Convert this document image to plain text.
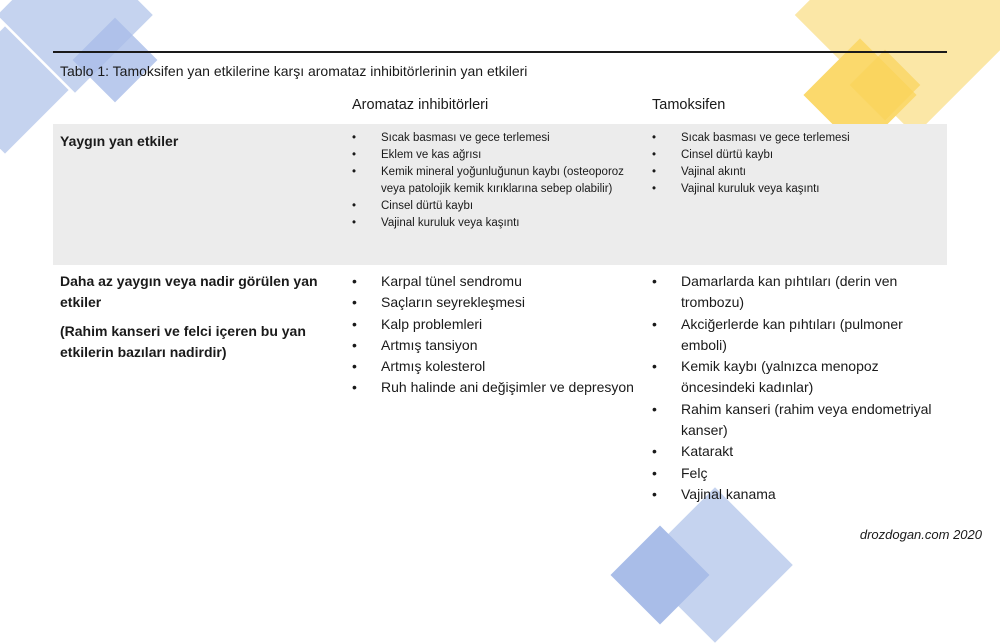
Tablo 1: Tamoksifen yan etkilerine karşı aromataz inhibitörlerinin yan etkileri
Aromataz inhibitörleri	Tamoksifen
Yaygın yan etkiler
•	Sıcak basması ve gece terlemesi
• Eklem ve kas ağrısı
• Kemik mineral yoğunluğunun kaybı (osteoporoz veya patolojik kemik kırıklarına sebep olabilir)
• Cinsel dürtü kaybı
• Vajinal kuruluk veya kaşıntı
• Sıcak basması ve gece terlemesi
• Cinsel dürtü kaybı
• Vajinal akıntı
• Vajinal kuruluk veya kaşıntı

Daha az yaygın veya nadir görülen yan etkiler

(Rahim kanseri ve felci içeren bu yan etkilerin bazıları nadirdir)

• Karpal tünel sendromu
• Saçların seyrekleşmesi
• Kalp problemleri
• Artmış tansiyon
• Artmış kolesterol
• Ruh halinde ani değişimler ve depresyon
• Damarlarda kan pıhtıları (derin ven trombozu)
• Akciğerlerde kan pıhtıları (pulmoner emboli)
• Kemik kaybı (yalnızca menopoz öncesindeki kadınlar)
• Rahim kanseri (rahim veya endometriyal kanser)
• Katarakt
• Felç
• Vajinal kanama
drozdogan.com 2020
